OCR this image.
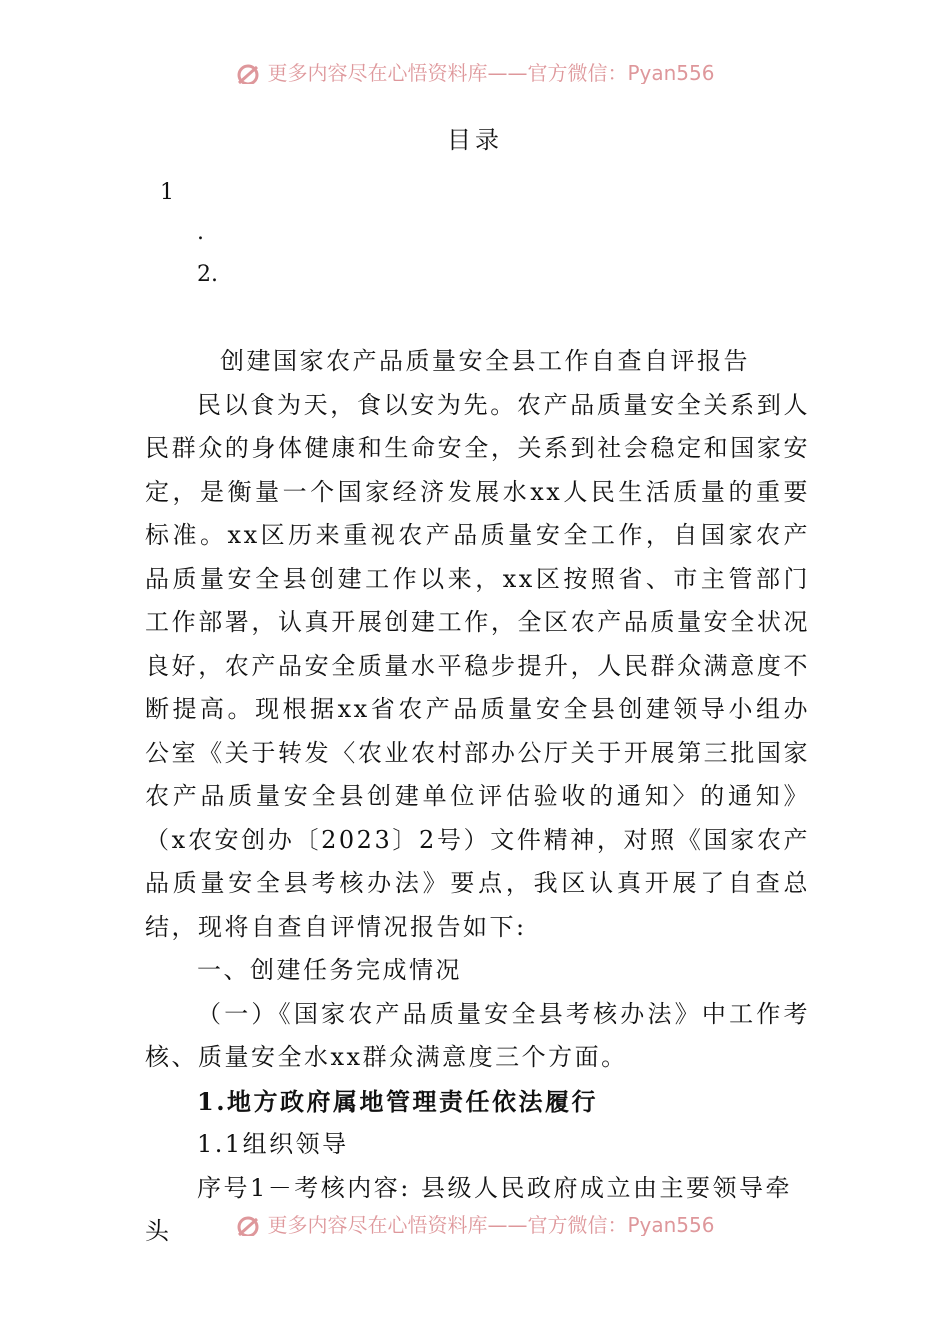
更多内容尽在心悟资料库——官方微信：Pyan556
目录
1
.
2.

创建国家农产品质量安全县工作自查自评报告

民以食为天，食以安为先。农产品质量安全关系到人民群众的身体健康和生命安全，关系到社会稳定和国家安定，是衡量一个国家经济发展水xx人民生活质量的重要标准。xx区历来重视农产品质量安全工作，自国家农产品质量安全县创建工作以来，xx区按照省、市主管部门工作部署，认真开展创建工作，全区农产品质量安全状况良好，农产品安全质量水平稳步提升，人民群众满意度不断提高。现根据xx省农产品质量安全县创建领导小组办公室《关于转发〈农业农村部办公厅关于开展第三批国家农产品质量安全县创建单位评估验收的通知〉的通知》（x农安创办〔2023〕2号）文件精神，对照《国家农产品质量安全县考核办法》要点，我区认真开展了自查总结，现将自查自评情况报告如下:

一、创建任务完成情况

（一）《国家农产品质量安全县考核办法》中工作考核、质量安全水xx群众满意度三个方面。

1.地方政府属地管理责任依法履行

1.1组织领导

序号1－考核内容: 县级人民政府成立由主要领导牵头	更多内容尽在心悟资料库——官方微信：Pyan556
